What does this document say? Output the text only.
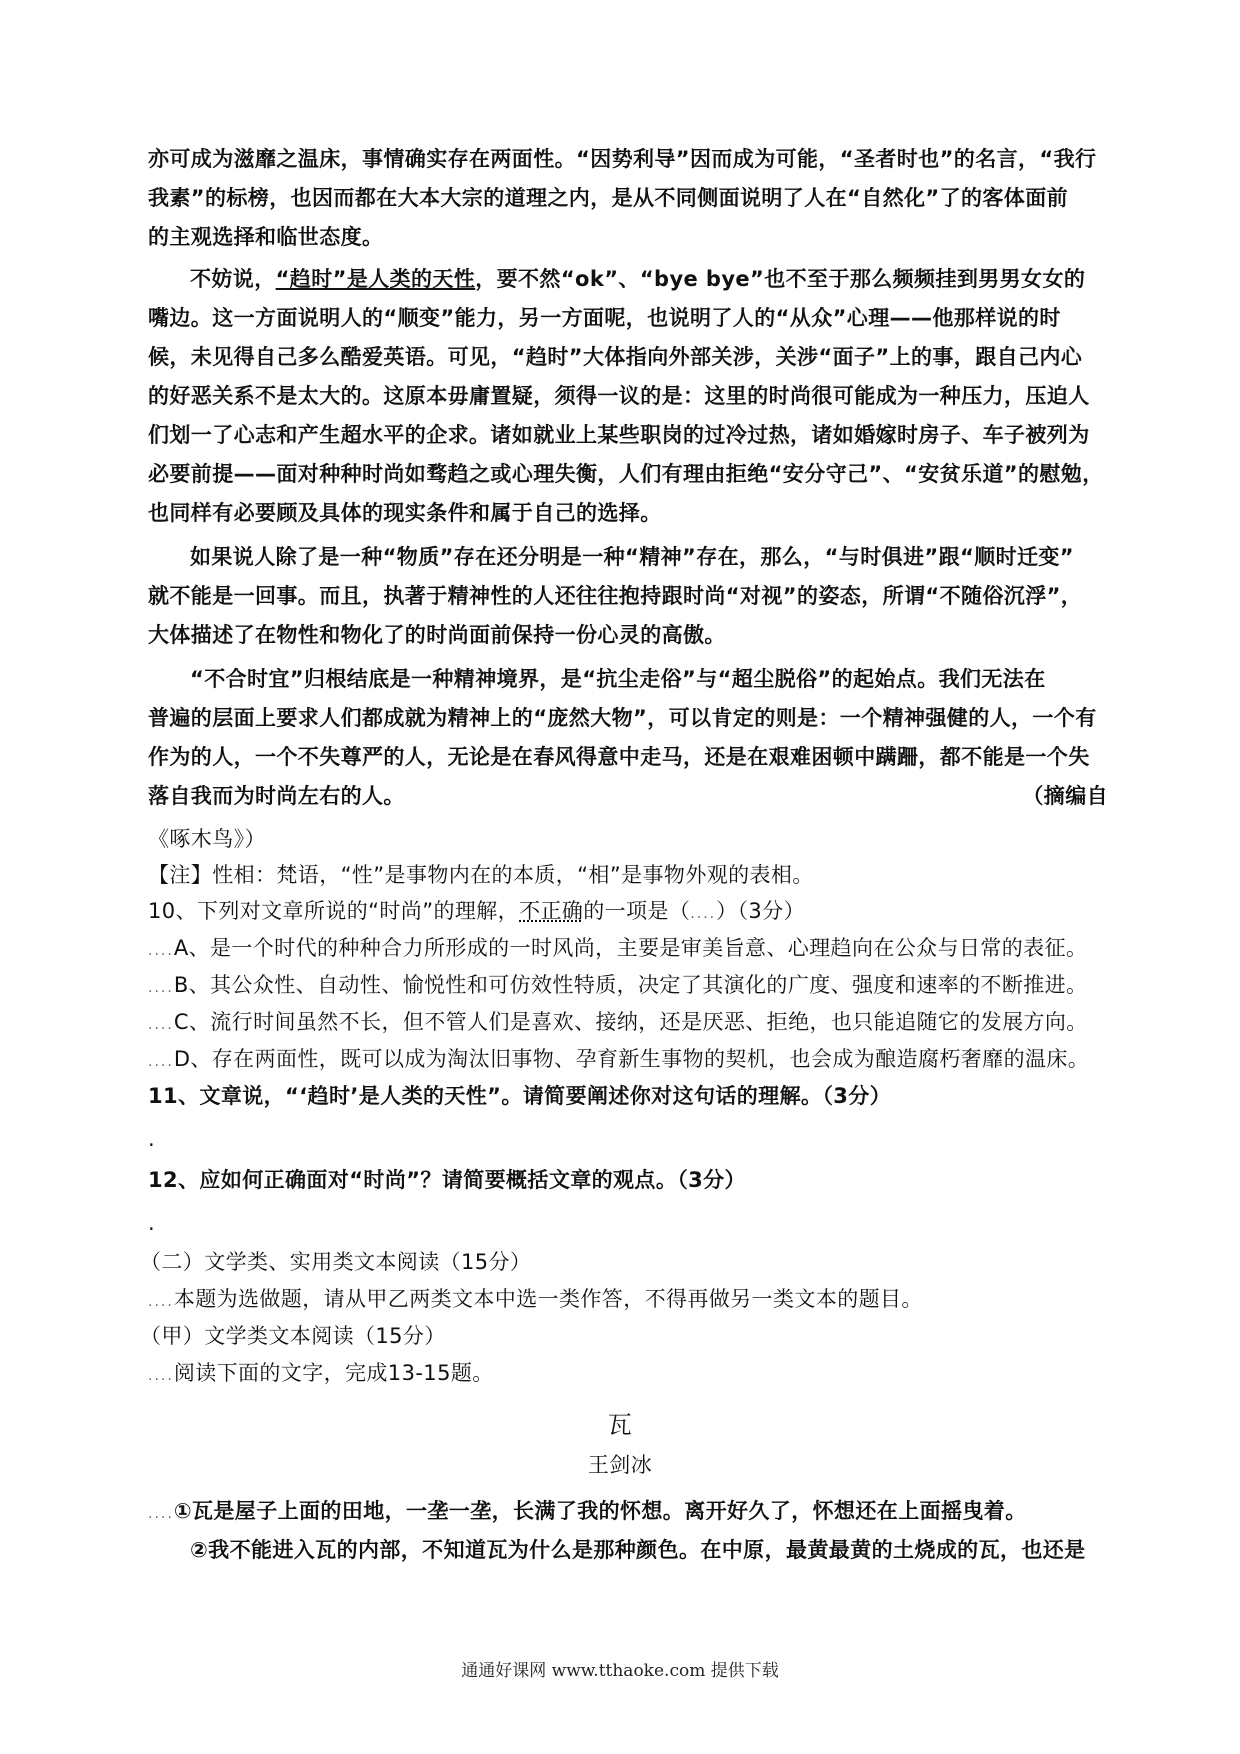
亦可成为滋靡之温床，事情确实存在两面性。“因势利导”因而成为可能，“圣者时也”的名言，“我行
我素”的标榜，也因而都在大本大宗的道理之内，是从不同侧面说明了人在“自然化”了的客体面前
的主观选择和临世态度。
不妨说，“趋时”是人类的天性，要不然“ok”、“bye bye”也不至于那么频频挂到男男女女的
嘴边。这一方面说明人的“顺变”能力，另一方面呢，也说明了人的“从众”心理——他那样说的时
候，未见得自己多么酷爱英语。可见，“趋时”大体指向外部关涉，关涉“面子”上的事，跟自己内心
的好恶关系不是太大的。这原本毋庸置疑，须得一议的是：这里的时尚很可能成为一种压力，压迫人
们划一了心志和产生超水平的企求。诸如就业上某些职岗的过冷过热，诸如婚嫁时房子、车子被列为
必要前提——面对种种时尚如骛趋之或心理失衡，人们有理由拒绝“安分守己”、“安贫乐道”的慰勉，
也同样有必要顾及具体的现实条件和属于自己的选择。
如果说人除了是一种“物质”存在还分明是一种“精神”存在，那么，“与时俱进”跟“顺时迁变”
就不能是一回事。而且，执著于精神性的人还往往抱持跟时尚“对视”的姿态，所谓“不随俗沉浮”，
大体描述了在物性和物化了的时尚面前保持一份心灵的高傲。
“不合时宜”归根结底是一种精神境界，是“抗尘走俗”与“超尘脱俗”的起始点。我们无法在
普遍的层面上要求人们都成就为精神上的“庞然大物”，可以肯定的则是：一个精神强健的人，一个有
作为的人，一个不失尊严的人，无论是在春风得意中走马，还是在艰难困顿中蹒跚，都不能是一个失
落自我而为时尚左右的人。	（摘编自
《啄木鸟》）
【注】性相：梵语，“性”是事物内在的本质，“相”是事物外观的表相。
10、下列对文章所说的“时尚”的理解，不正确的一项是（....）（3分）
....A、是一个时代的种种合力所形成的一时风尚，主要是审美旨意、心理趋向在公众与日常的表征。
....B、其公众性、自动性、愉悦性和可仿效性特质，决定了其演化的广度、强度和速率的不断推进。
....C、流行时间虽然不长，但不管人们是喜欢、接纳，还是厌恶、拒绝，也只能追随它的发展方向。
....D、存在两面性，既可以成为淘汰旧事物、孕育新生事物的契机，也会成为酿造腐朽奢靡的温床。
11、文章说，“‘趋时’是人类的天性”。请简要阐述你对这句话的理解。（3分）
.
12、应如何正确面对“时尚”？请简要概括文章的观点。（3分）
.
（二）文学类、实用类文本阅读（15分）
....本题为选做题，请从甲乙两类文本中选一类作答，不得再做另一类文本的题目。
（甲）文学类文本阅读（15分）
....阅读下面的文字，完成13-15题。
瓦
王剑冰
....①瓦是屋子上面的田地，一垄一垄，长满了我的怀想。离开好久了，怀想还在上面摇曳着。
②我不能进入瓦的内部，不知道瓦为什么是那种颜色。在中原，最黄最黄的土烧成的瓦，也还是
通通好课网 www.tthaoke.com 提供下载
